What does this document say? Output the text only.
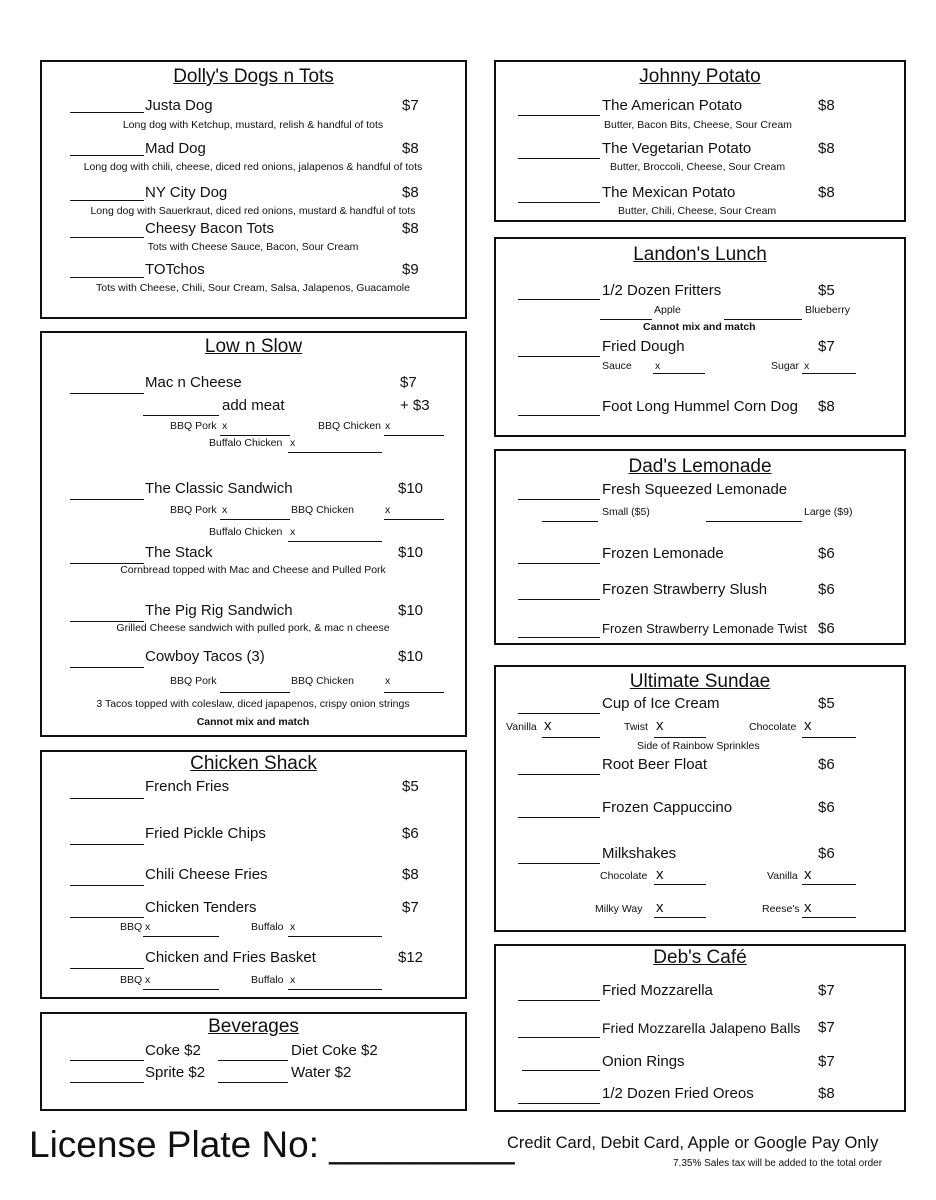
Dolly's Dogs n Tots
Justa Dog	$7
Long dog with Ketchup, mustard, relish & handful of tots
Mad Dog	$8
Long dog with chili, cheese, diced red onions, jalapenos & handful of tots
NY City Dog	$8
Long dog with Sauerkraut, diced red onions, mustard & handful of tots
Cheesy Bacon Tots	$8
Tots with Cheese Sauce, Bacon, Sour Cream
TOTchos	$9
Tots with Cheese, Chili, Sour Cream, Salsa, Jalapenos, Guacamole
Low n Slow
Mac n Cheese	$7
add meat	+ $3
BBQ Pork x	BBQ Chicken x
Buffalo Chicken x
The Classic Sandwich	$10
BBQ Pork x	BBQ Chicken	x
Buffalo Chicken x
The Stack	$10
Cornbread topped with Mac and Cheese and Pulled Pork
The Pig Rig Sandwich	$10
Grilled Cheese sandwich with pulled pork, & mac n cheese
Cowboy Tacos (3)	$10
BBQ Pork	BBQ Chicken	x
3 Tacos topped with coleslaw, diced japapenos, crispy onion strings
Cannot mix and match
Chicken Shack
French Fries	$5
Fried Pickle Chips	$6
Chili Cheese Fries	$8
Chicken Tenders	$7
BBQ x	Buffalo x
Chicken and Fries Basket	$12
BBQ x	Buffalo x
Beverages
Coke $2	Diet Coke $2
Sprite $2	Water $2
Johnny Potato
The American Potato	$8
Butter, Bacon Bits, Cheese, Sour Cream
The Vegetarian Potato	$8
Butter, Broccoli, Cheese, Sour Cream
The Mexican Potato	$8
Butter, Chili, Cheese, Sour Cream
Landon's Lunch
1/2 Dozen Fritters	$5
Apple	Blueberry
Cannot mix and match
Fried Dough	$7
Sauce x	Sugar x
Foot Long Hummel Corn Dog $8
Dad's Lemonade
Fresh Squeezed Lemonade
Small ($5)	Large ($9)
Frozen Lemonade	$6
Frozen Strawberry Slush	$6
Frozen Strawberry Lemonade Twist $6
Ultimate Sundae
Cup of Ice Cream	$5
Vanilla x	Twist x	Chocolate x
Side of Rainbow Sprinkles
Root Beer Float	$6
Frozen Cappuccino	$6
Milkshakes	$6
Chocolate x	Vanilla x
Milky Way x	Reese's x
Deb's Café
Fried Mozzarella	$7
Fried Mozzarella Jalapeno Balls $7
Onion Rings	$7
1/2 Dozen Fried Oreos	$8
License Plate No: _________
Credit Card, Debit Card, Apple or Google Pay Only
7.35% Sales tax will be added to the total order
